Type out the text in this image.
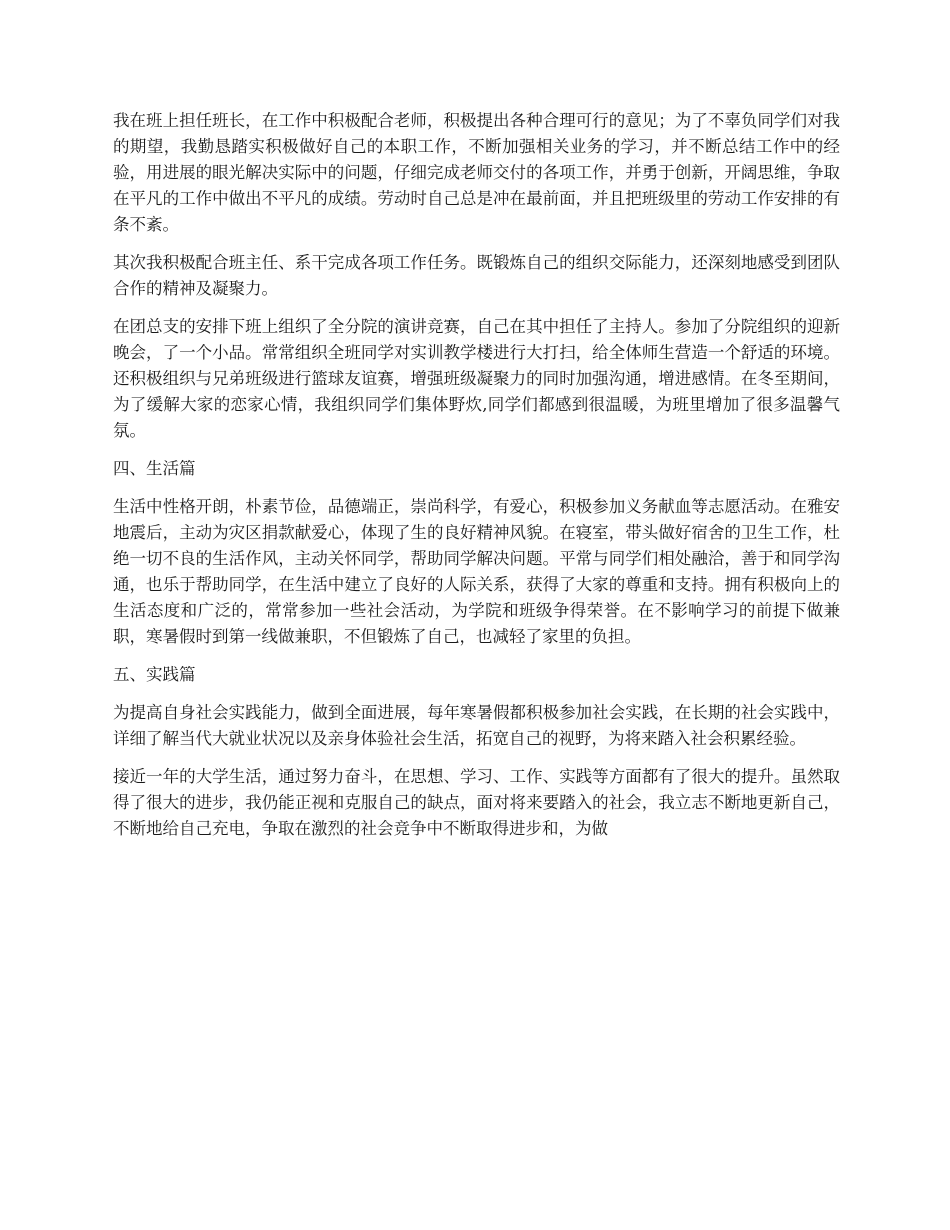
我在班上担任班长，在工作中积极配合老师，积极提出各种合理可行的意见；为了不辜负同学们对我的期望，我勤恳踏实积极做好自己的本职工作，不断加强相关业务的学习，并不断总结工作中的经验，用进展的眼光解决实际中的问题，仔细完成老师交付的各项工作，并勇于创新，开阔思维，争取在平凡的工作中做出不平凡的成绩。劳动时自己总是冲在最前面，并且把班级里的劳动工作安排的有条不紊。

其次我积极配合班主任、系干完成各项工作任务。既锻炼自己的组织交际能力，还深刻地感受到团队合作的精神及凝聚力。

在团总支的安排下班上组织了全分院的演讲竞赛，自己在其中担任了主持人。参加了分院组织的迎新晚会，了一个小品。常常组织全班同学对实训教学楼进行大打扫，给全体师生营造一个舒适的环境。还积极组织与兄弟班级进行篮球友谊赛，增强班级凝聚力的同时加强沟通，增进感情。在冬至期间，为了缓解大家的恋家心情，我组织同学们集体野炊,同学们都感到很温暖，为班里增加了很多温馨气氛。

四、生活篇

生活中性格开朗，朴素节俭，品德端正，崇尚科学，有爱心，积极参加义务献血等志愿活动。在雅安地震后，主动为灾区捐款献爱心，体现了生的良好精神风貌。在寝室，带头做好宿舍的卫生工作，杜绝一切不良的生活作风，主动关怀同学，帮助同学解决问题。平常与同学们相处融洽，善于和同学沟通，也乐于帮助同学，在生活中建立了良好的人际关系，获得了大家的尊重和支持。拥有积极向上的生活态度和广泛的，常常参加一些社会活动，为学院和班级争得荣誉。在不影响学习的前提下做兼职，寒暑假时到第一线做兼职，不但锻炼了自己，也减轻了家里的负担。

五、实践篇

为提高自身社会实践能力，做到全面进展，每年寒暑假都积极参加社会实践，在长期的社会实践中，详细了解当代大就业状况以及亲身体验社会生活，拓宽自己的视野，为将来踏入社会积累经验。

接近一年的大学生活，通过努力奋斗，在思想、学习、工作、实践等方面都有了很大的提升。虽然取得了很大的进步，我仍能正视和克服自己的缺点，面对将来要踏入的社会，我立志不断地更新自己，不断地给自己充电，争取在激烈的社会竞争中不断取得进步和，为做
